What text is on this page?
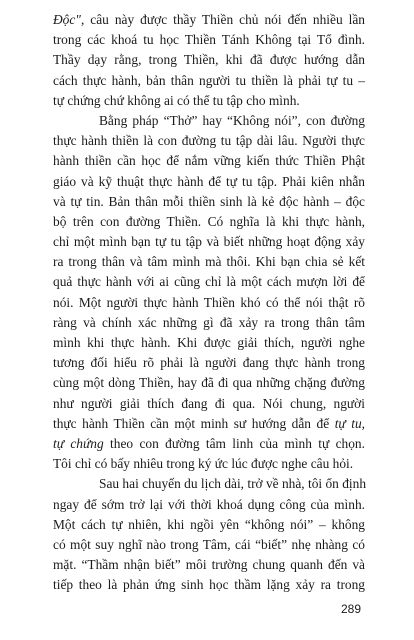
Độc", câu này được thầy Thiền chủ nói đến nhiều lần
trong các khoá tu học Thiền Tánh Không tại Tổ đình.
Thầy dạy rằng, trong Thiền, khi đã được hướng dẫn
cách thực hành, bản thân người tu thiền là phải tự tu –
tự chứng chứ không ai có thể tu tập cho mình.
Bằng pháp “Thở” hay “Không nói”, con đường
thực hành thiền là con đường tu tập dài lâu. Người thực
hành thiền cần học để nắm vững kiến thức Thiền Phật
giáo và kỹ thuật thực hành để tự tu tập. Phải kiên nhẫn
và tự tin. Bản thân mỗi thiền sinh là kẻ độc hành – độc
bộ trên con đường Thiền. Có nghĩa là khi thực hành,
chỉ một mình bạn tự tu tập và biết những hoạt động xảy
ra trong thân và tâm mình mà thôi. Khi bạn chia sẻ kết
quả thực hành với ai cũng chỉ là một cách mượn lời để
nói. Một người thực hành Thiền khó có thể nói thật rõ
ràng và chính xác những gì đã xảy ra trong thân tâm
mình khi thực hành. Khi được giải thích, người nghe
tương đối hiểu rõ phải là người đang thực hành trong
cùng một dòng Thiền, hay đã đi qua những chặng đường
như người giải thích đang đi qua. Nói chung, người
thực hành Thiền cần một minh sư hướng dẫn để tự tu,
tự chứng theo con đường tâm linh của mình tự chọn.
Tôi chỉ có bấy nhiêu trong ký ức lúc được nghe câu hỏi.
Sau hai chuyến du lịch dài, trở về nhà, tôi ổn định
ngay để sớm trở lại với thời khoá dụng công của mình.
Một cách tự nhiên, khi ngồi yên “không nói” – không
có một suy nghĩ nào trong Tâm, cái “biết” nhẹ nhàng có
mặt. “Thầm nhận biết” môi trường chung quanh đến và
tiếp theo là phản ứng sinh học thầm lặng xảy ra trong
289
